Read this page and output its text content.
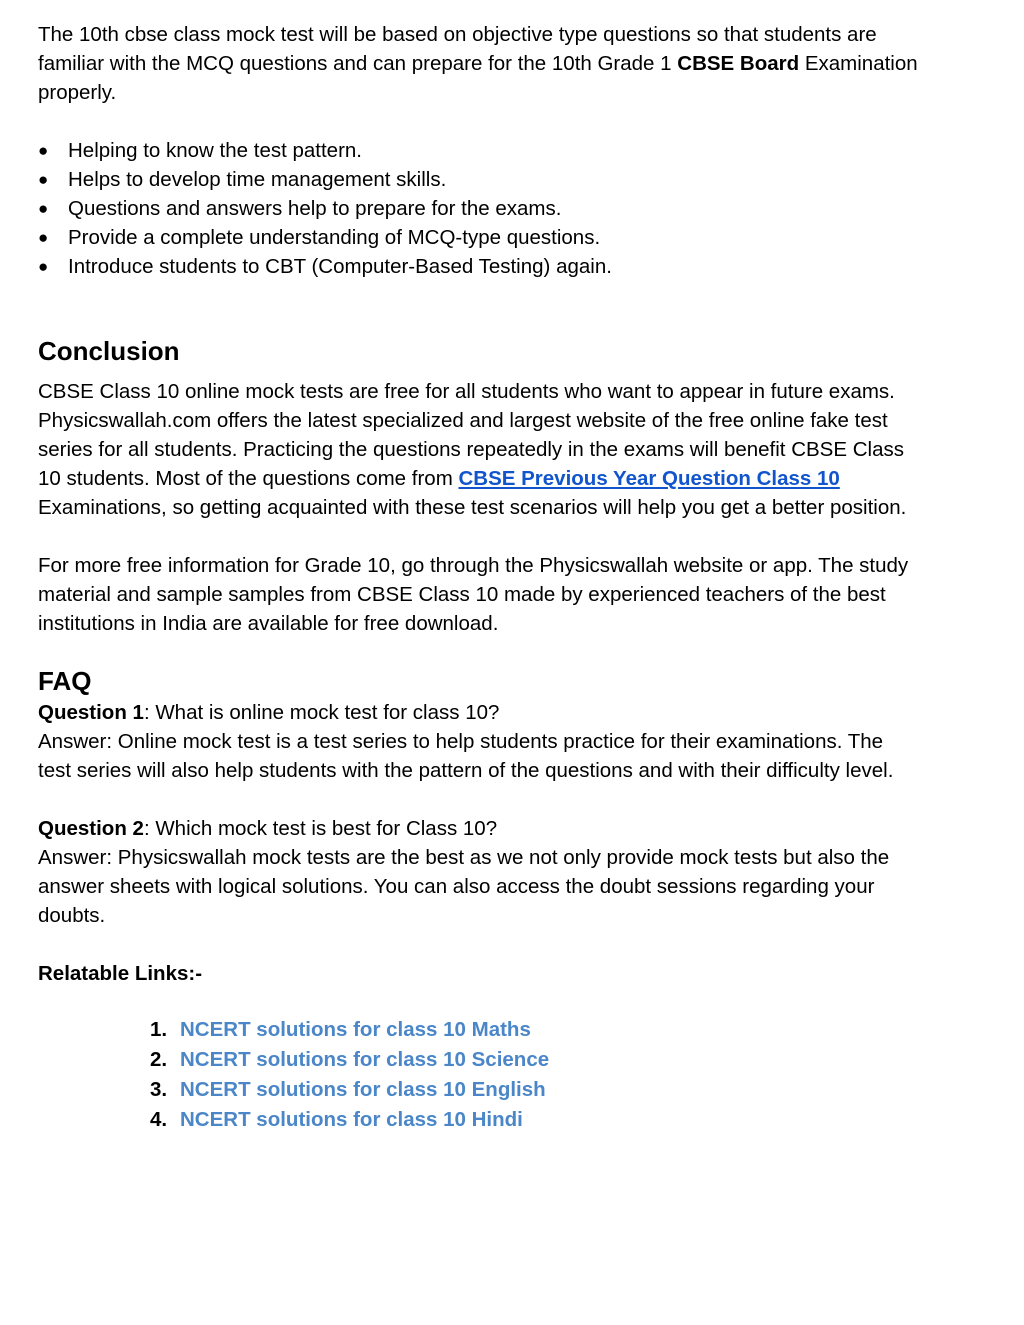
The 10th cbse class mock test will be based on objective type questions so that students are familiar with the MCQ questions and can prepare for the 10th Grade 1 CBSE Board Examination properly.

● Helping to know the test pattern.
● Helps to develop time management skills.
● Questions and answers help to prepare for the exams.
● Provide a complete understanding of MCQ-type questions.
● Introduce students to CBT (Computer-Based Testing) again.
Conclusion

CBSE Class 10 online mock tests are free for all students who want to appear in future exams. Physicswallah.com offers the latest specialized and largest website of the free online fake test series for all students. Practicing the questions repeatedly in the exams will benefit CBSE Class 10 students. Most of the questions come from CBSE Previous Year Question Class 10 Examinations, so getting acquainted with these test scenarios will help you get a better position.

For more free information for Grade 10, go through the Physicswallah website or app. The study material and sample samples from CBSE Class 10 made by experienced teachers of the best institutions in India are available for free download.

FAQ

Question 1: What is online mock test for class 10?

Answer: Online mock test is a test series to help students practice for their examinations. The test series will also help students with the pattern of the questions and with their difficulty level.

Question 2: Which mock test is best for Class 10?

Answer: Physicswallah mock tests are the best as we not only provide mock tests but also the answer sheets with logical solutions. You can also access the doubt sessions regarding your doubts.

Relatable Links:-

1. NCERT solutions for class 10 Maths
2. NCERT solutions for class 10 Science
3. NCERT solutions for class 10 English
4. NCERT solutions for class 10 Hindi
